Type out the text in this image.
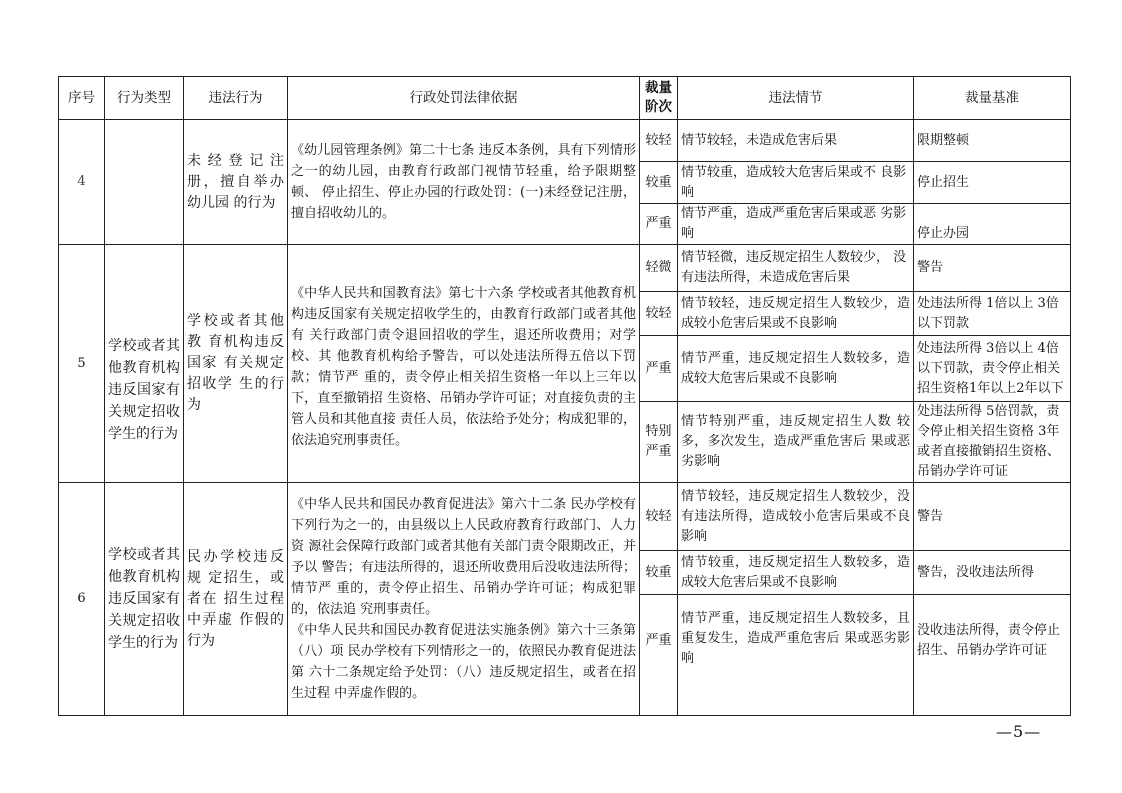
序号	行为类型	违法行为	行政处罚法律依据	裁量阶次	违法情节	裁量基准
4		未经登记注册，擅自举办幼儿园 的行为	《幼儿园管理条例》第二十七条 违反本条例，具有下列情形 之一的幼儿园，由教育行政部门视情节轻重，给予限期整顿、 停止招生、停止办园的行政处罚：(一)未经登记注册，擅自招收幼儿的。	较轻	情节较轻，未造成危害后果	限期整顿
				较重	情节较重，造成较大危害后果或不 良影响	停止招生
				严重	情节严重，造成严重危害后果或恶 劣影响	停止办园
5	学校或者其 他教育机构 违反国家有 关规定招收 学生的行为	学校或者其他教 育机构违反国家 有关规定招收学 生的行为	《中华人民共和国教育法》第七十六条 学校或者其他教育机 构违反国家有关规定招收学生的，由教育行政部门或者其他有 关行政部门责令退回招收的学生，退还所收费用；对学校、其 他教育机构给予警告，可以处违法所得五倍以下罚款；情节严 重的，责令停止相关招生资格一年以上三年以下，直至撤销招 生资格、吊销办学许可证；对直接负责的主管人员和其他直接 责任人员，依法给予处分；构成犯罪的，依法追究刑事责任。	轻微	情节轻微，违反规定招生人数较少， 没有违法所得，未造成危害后果	警告
				较轻	情节较轻，违反规定招生人数较少，造成较小危害后果或不良影响	处违法所得 1倍以上 3倍以下罚款
				严重	情节严重，违反规定招生人数较多，造成较大危害后果或不良影响	处违法所得 3倍以上 4倍以下罚款，责令停止相关招生资格1年以上2年以下
				特别严重	情节特别严重，违反规定招生人数 较多，多次发生，造成严重危害后 果或恶劣影响	处违法所得 5倍罚款，责令停止相关招生资格 3年或者直接撤销招生资格、吊销办学许可证
6	学校或者其 他教育机构 违反国家有 关规定招收 学生的行为	民办学校违反规 定招生，或者在 招生过程中弄虚 作假的行为	《中华人民共和国民办教育促进法》第六十二条 民办学校有 下列行为之一的，由县级以上人民政府教育行政部门、人力资 源社会保障行政部门或者其他有关部门责令限期改正，并予以 警告；有违法所得的，退还所收费用后没收违法所得；情节严 重的，责令停止招生、吊销办学许可证；构成犯罪的，依法追 究刑事责任。
《中华人民共和国民办教育促进法实施条例》第六十三条第（八）项 民办学校有下列情形之一的，依照民办教育促进法第 六十二条规定给予处罚：（八）违反规定招生，或者在招生过程 中弄虚作假的。	较轻	情节较轻，违反规定招生人数较少，没有违法所得，造成较小危害后果或不良影响	警告
				较重	情节较重，违反规定招生人数较多，造成较大危害后果或不良影响	警告，没收违法所得
				严重	情节严重，违反规定招生人数较多，且重复发生，造成严重危害后 果或恶劣影响	没收违法所得，责令停止招生、吊销办学许可证
—5—
